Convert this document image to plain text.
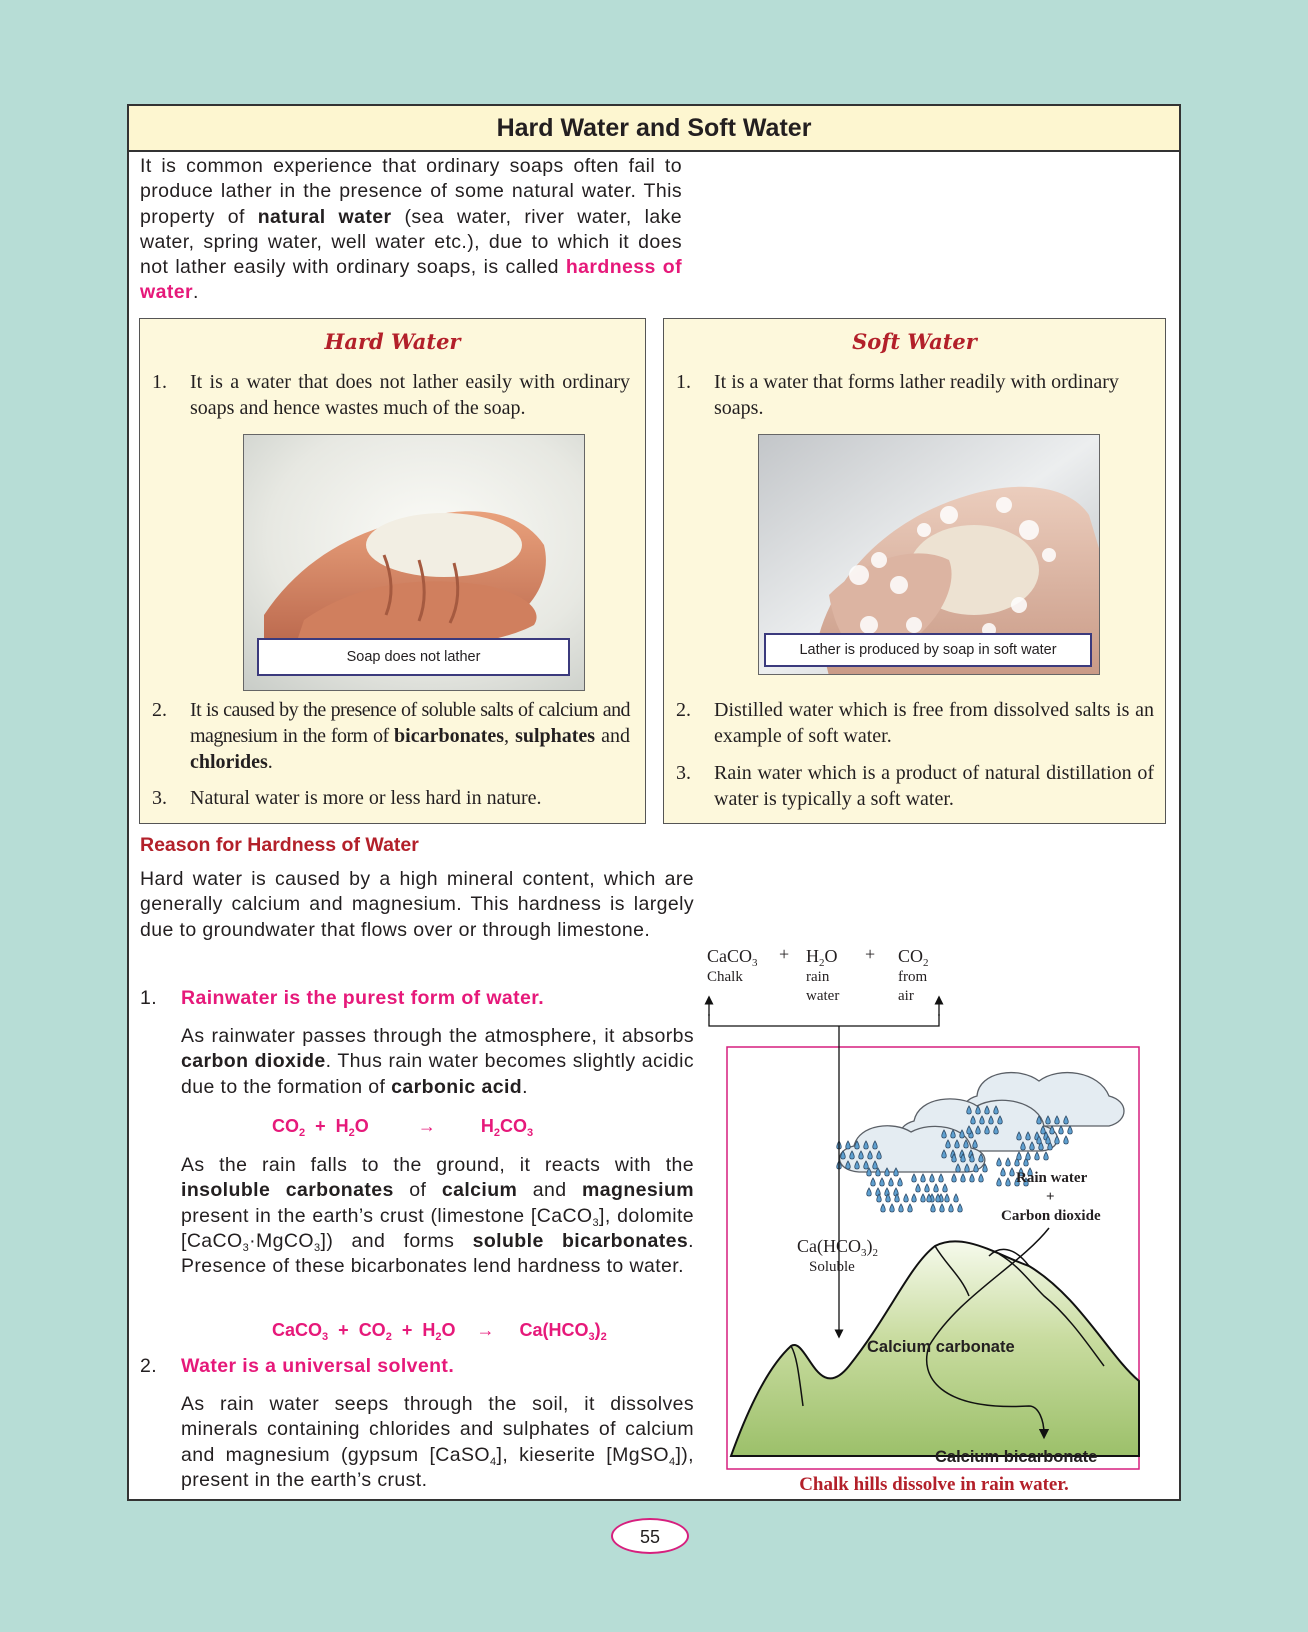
Hard Water and Soft Water
It is common experience that ordinary soaps often fail to produce lather in the presence of some natural water. This property of natural water (sea water, river water, lake water, spring water, well water etc.), due to which it does not lather easily with ordinary soaps, is called hardness of water.
Hard Water
1. It is a water that does not lather easily with ordinary soaps and hence wastes much of the soap.
Soap does not lather
2. It is caused by the presence of soluble salts of calcium and magnesium in the form of bicarbonates, sulphates and chlorides.
3. Natural water is more or less hard in nature.
Soft Water
1. It is a water that forms lather readily with ordinary soaps.
Lather is produced by soap in soft water
2. Distilled water which is free from dissolved salts is an example of soft water.
3. Rain water which is a product of natural distillation of water is typically a soft water.
Reason for Hardness of Water
Hard water is caused by a high mineral content, which are generally calcium and magnesium. This hardness is largely due to groundwater that flows over or through limestone.
1. Rainwater is the purest form of water.
As rainwater passes through the atmosphere, it absorbs carbon dioxide. Thus rain water becomes slightly acidic due to the formation of carbonic acid.
$CO_2 + H_2O$	→	$H_2CO_3$
As the rain falls to the ground, it reacts with the insoluble carbonates of calcium and magnesium present in the earth’s crust (limestone [CaCO$_3$], dolomite [CaCO$_3$·MgCO$_3$]) and forms soluble bicarbonates. Presence of these bicarbonates lend hardness to water.
CaCO$_3$ + $CO_2 + H_2O \to Ca(HCO_3)_2$
2. Water is a universal solvent.
As rain water seeps through the soil, it dissolves minerals containing chlorides and sulphates of calcium and magnesium (gypsum [CaSO$_4$], kieserite [MgSO$_4$]), present in the earth’s crust.
CaCO$_3$
Chalk
+ $H_2O$
rain
water
+ $CO_2$
from
air
$Ca(HCO_3)_2$
Soluble
Rain water
+
Carbon dioxide
Calcium carbonate
Calcium bicarbonate
Chalk hills dissolve in rain water.
55
